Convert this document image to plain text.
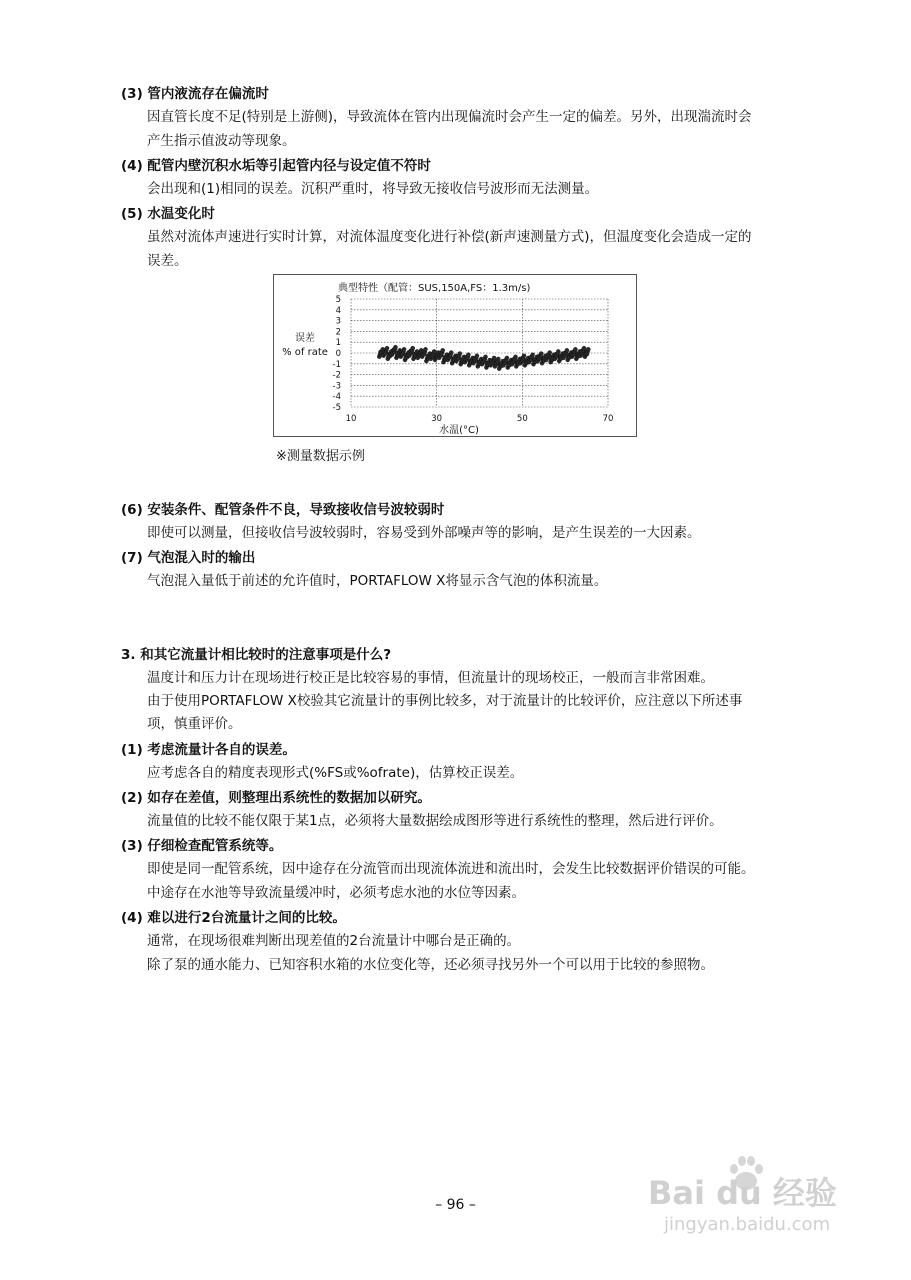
(3) 管内液流存在偏流时
因直管长度不足(特别是上游侧)，导致流体在管内出现偏流时会产生一定的偏差。另外，出现湍流时会
产生指示值波动等现象。
(4) 配管内壁沉积水垢等引起管内径与设定值不符时
会出现和(1)相同的误差。沉积严重时，将导致无接收信号波形而无法测量。
(5) 水温变化时
虽然对流体声速进行实时计算，对流体温度变化进行补偿(新声速测量方式)，但温度变化会造成一定的
误差。
典型特性（配管：SUS,150A,FS：1.3m/s)
误差
% of rate
水温(°C)
5
4
3
2
1
0
-1
-2
-3
-4
-5
10	30	50	70
※测量数据示例
(6) 安装条件、配管条件不良，导致接收信号波较弱时
即使可以测量，但接收信号波较弱时，容易受到外部噪声等的影响，是产生误差的一大因素。
(7) 气泡混入时的输出
气泡混入量低于前述的允许值时，PORTAFLOW X将显示含气泡的体积流量。
3. 和其它流量计相比较时的注意事项是什么?
温度计和压力计在现场进行校正是比较容易的事情，但流量计的现场校正，一般而言非常困难。
由于使用PORTAFLOW X校验其它流量计的事例比较多，对于流量计的比较评价，应注意以下所述事
项，慎重评价。
(1) 考虑流量计各自的误差。
应考虑各自的精度表现形式(%FS或%ofrate)，估算校正误差。
(2) 如存在差值，则整理出系统性的数据加以研究。
流量值的比较不能仅限于某1点，必须将大量数据绘成图形等进行系统性的整理，然后进行评价。
(3) 仔细检查配管系统等。
即使是同一配管系统，因中途存在分流管而出现流体流进和流出时，会发生比较数据评价错误的可能。
中途存在水池等导致流量缓冲时，必须考虑水池的水位等因素。
(4) 难以进行2台流量计之间的比较。
通常，在现场很难判断出现差值的2台流量计中哪台是正确的。
除了泵的通水能力、已知容积水箱的水位变化等，还必须寻找另外一个可以用于比较的参照物。
– 96 –	Bai du 经验
jingyan.baidu.com
